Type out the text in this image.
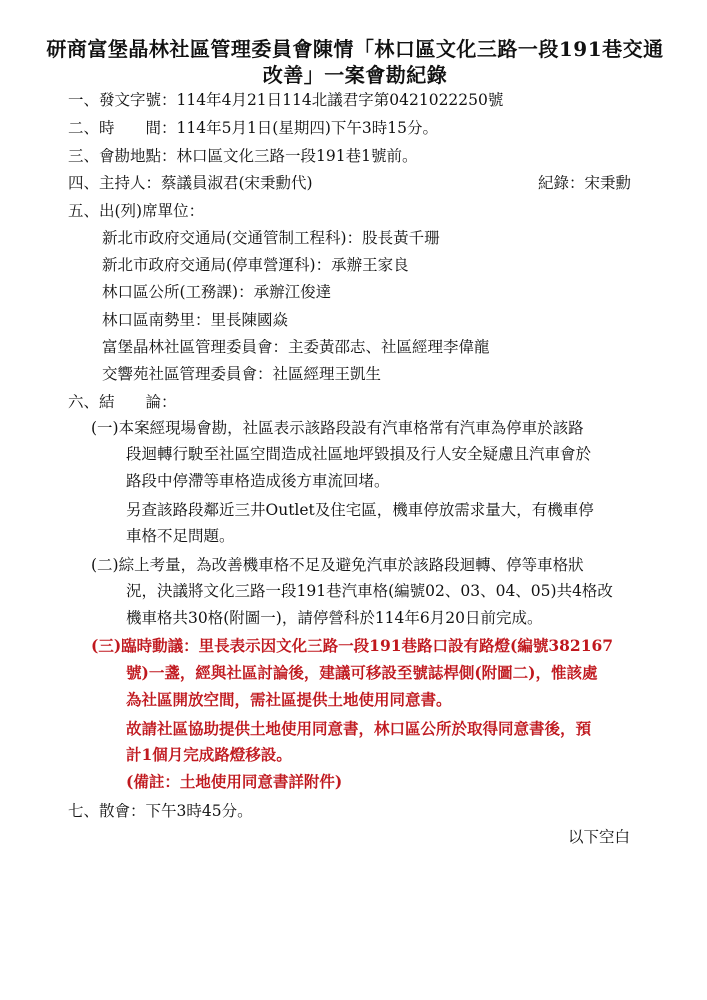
研商富堡晶林社區管理委員會陳情「林口區文化三路一段191巷交通
改善」一案會勘紀錄
一、發文字號：114年4月21日114北議君字第0421022250號
二、時　　間：114年5月1日(星期四)下午3時15分。
三、會勘地點：林口區文化三路一段191巷1號前。
四、主持人：蔡議員淑君(宋秉勳代)	紀錄：宋秉勳
五、出(列)席單位：
新北市政府交通局(交通管制工程科)：股長黃千珊
新北市政府交通局(停車營運科)：承辦王家良
林口區公所(工務課)：承辦江俊達
林口區南勢里：里長陳國焱
富堡晶林社區管理委員會：主委黃邵志、社區經理李偉龍
交響苑社區管理委員會：社區經理王凱生
六、結　　論：
(一)本案經現場會勘，社區表示該路段設有汽車格常有汽車為停車於該路
段迴轉行駛至社區空間造成社區地坪毀損及行人安全疑慮且汽車會於
路段中停滯等車格造成後方車流回堵。
另查該路段鄰近三井Outlet及住宅區，機車停放需求量大，有機車停
車格不足問題。
(二)綜上考量，為改善機車格不足及避免汽車於該路段迴轉、停等車格狀
況，決議將文化三路一段191巷汽車格(編號02、03、04、05)共4格改
機車格共30格(附圖一)，請停營科於114年6月20日前完成。
(三)臨時動議：里長表示因文化三路一段191巷路口設有路燈(編號382167
號)一盞，經與社區討論後，建議可移設至號誌桿側(附圖二)，惟該處
為社區開放空間，需社區提供土地使用同意書。
故請社區協助提供土地使用同意書，林口區公所於取得同意書後，預
計1個月完成路燈移設。
(備註：土地使用同意書詳附件)
七、散會：下午3時45分。
以下空白
